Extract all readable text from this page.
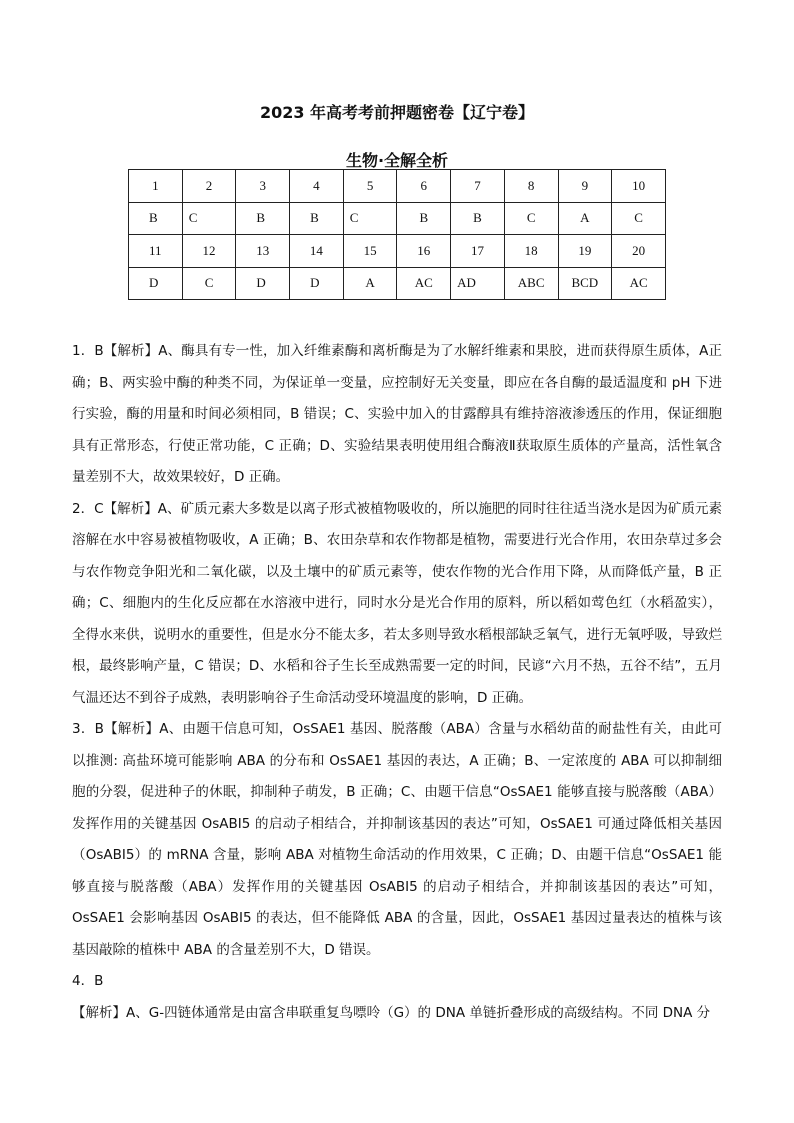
2023 年高考考前押题密卷【辽宁卷】
生物·全解全析
1	2	3	4	5	6	7	8	9	10
B	C	B	B	C	B	B	C	A	C
11	12	13	14	15	16	17	18	19	20
D	C	D	D	A	AC	AD	ABC	BCD	AC

1．B【解析】A、酶具有专一性，加入纤维素酶和离析酶是为了水解纤维素和果胶，进而获得原生质体，A正确；B、两实验中酶的种类不同，为保证单一变量，应控制好无关变量，即应在各自酶的最适温度和 pH 下进行实验，酶的用量和时间必须相同，B 错误；C、实验中加入的甘露醇具有维持溶液渗透压的作用，保证细胞具有正常形态，行使正常功能，C 正确；D、实验结果表明使用组合酶液Ⅱ获取原生质体的产量高，活性氧含量差别不大，故效果较好，D 正确。

2．C【解析】A、矿质元素大多数是以离子形式被植物吸收的，所以施肥的同时往往适当浇水是因为矿质元素溶解在水中容易被植物吸收，A 正确；B、农田杂草和农作物都是植物，需要进行光合作用，农田杂草过多会与农作物竞争阳光和二氧化碳，以及土壤中的矿质元素等，使农作物的光合作用下降，从而降低产量，B 正确；C、细胞内的生化反应都在水溶液中进行，同时水分是光合作用的原料，所以稻如莺色红（水稻盈实），全得水来供，说明水的重要性，但是水分不能太多，若太多则导致水稻根部缺乏氧气，进行无氧呼吸，导致烂根，最终影响产量，C 错误；D、水稻和谷子生长至成熟需要一定的时间，民谚“六月不热，五谷不结”，五月气温还达不到谷子成熟，表明影响谷子生命活动受环境温度的影响，D 正确。

3．B【解析】A、由题干信息可知，OsSAE1 基因、脱落酸（ABA）含量与水稻幼苗的耐盐性有关，由此可以推测: 高盐环境可能影响 ABA 的分布和 OsSAE1 基因的表达，A 正确；B、一定浓度的 ABA 可以抑制细胞的分裂，促进种子的休眠，抑制种子萌发，B 正确；C、由题干信息“OsSAE1 能够直接与脱落酸（ABA）发挥作用的关键基因 OsABI5 的启动子相结合，并抑制该基因的表达”可知，OsSAE1 可通过降低相关基因（OsABI5）的 mRNA 含量，影响 ABA 对植物生命活动的作用效果，C 正确；D、由题干信息“OsSAE1 能够直接与脱落酸（ABA）发挥作用的关键基因 OsABI5 的启动子相结合，并抑制该基因的表达”可知，OsSAE1 会影响基因 OsABI5 的表达，但不能降低 ABA 的含量，因此，OsSAE1 基因过量表达的植株与该基因敲除的植株中 ABA 的含量差别不大，D 错误。

4．B

【解析】A、G-四链体通常是由富含串联重复鸟嘌呤（G）的 DNA 单链折叠形成的高级结构。不同 DNA 分
